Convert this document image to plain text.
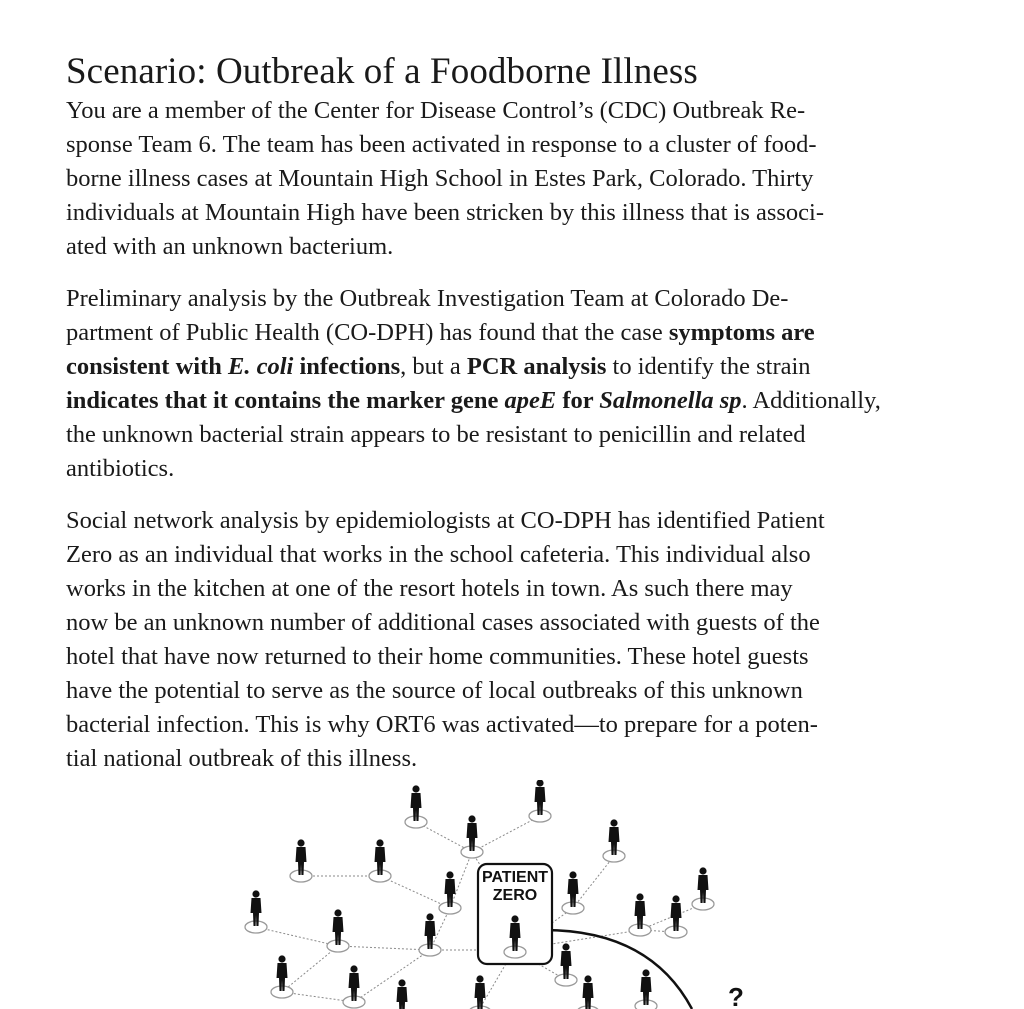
Scenario: Outbreak of a Foodborne Illness

You are a member of the Center for Disease Control’s (CDC) Outbreak Re-
sponse Team 6. The team has been activated in response to a cluster of food-
borne illness cases at Mountain High School in Estes Park, Colorado. Thirty
individuals at Mountain High have been stricken by this illness that is associ-
ated with an unknown bacterium.

Preliminary analysis by the Outbreak Investigation Team at Colorado De-
partment of Public Health (CO-DPH) has found that the case symptoms are
consistent with E. coli infections, but a PCR analysis to identify the strain
indicates that it contains the marker gene apeE for Salmonella sp. Additionally,
the unknown bacterial strain appears to be resistant to penicillin and related
antibiotics.

Social network analysis by epidemiologists at CO-DPH has identified Patient
Zero as an individual that works in the school cafeteria. This individual also
works in the kitchen at one of the resort hotels in town. As such there may
now be an unknown number of additional cases associated with guests of the
hotel that have now returned to their home communities. These hotel guests
have the potential to serve as the source of local outbreaks of this unknown
bacterial infection. This is why ORT6 was activated—to prepare for a poten-
tial national outbreak of this illness.

PATIENT
ZERO
?
